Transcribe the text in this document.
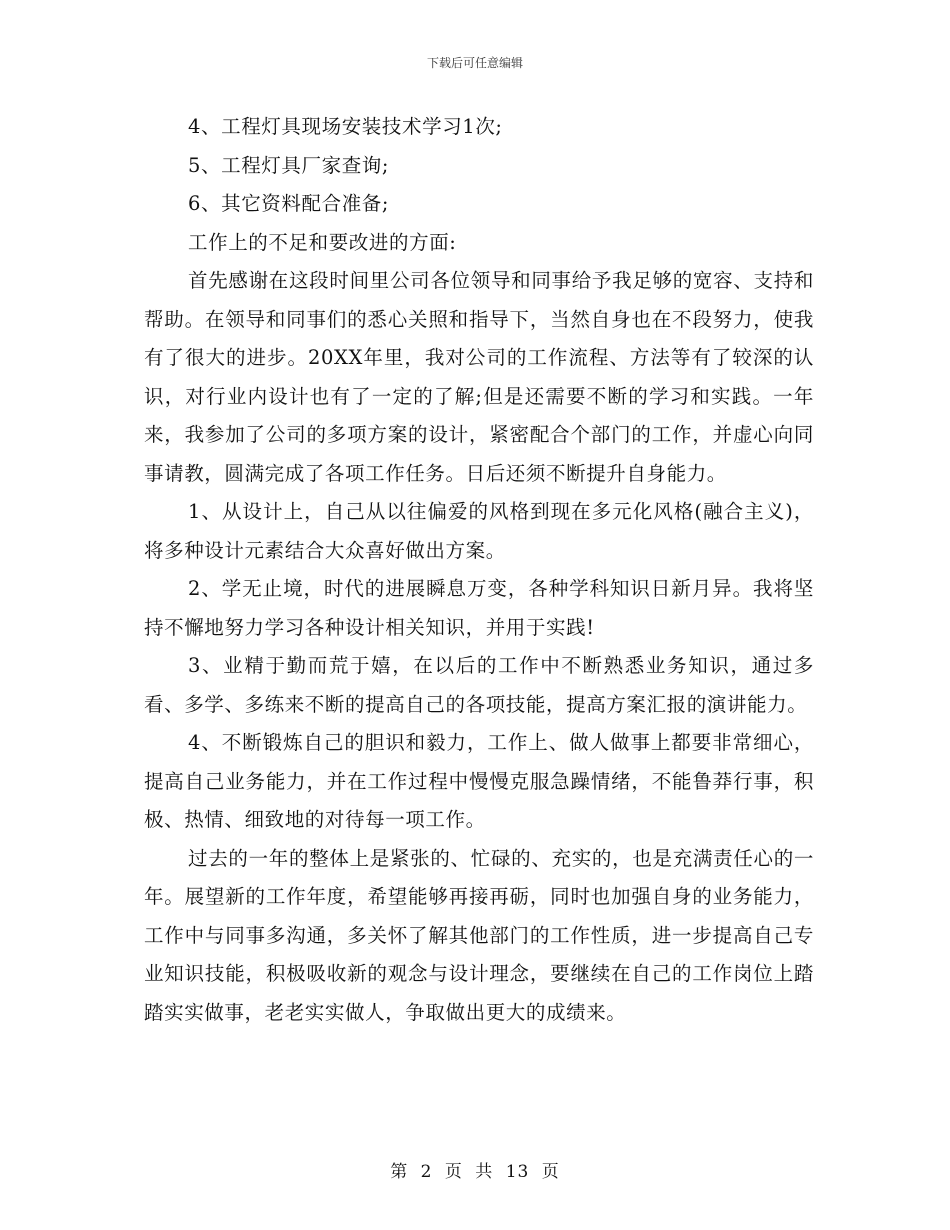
下载后可任意编辑

4、工程灯具现场安装技术学习1次;

5、工程灯具厂家查询;

6、其它资料配合准备;

工作上的不足和要改进的方面:

首先感谢在这段时间里公司各位领导和同事给予我足够的宽容、支持和帮助。在领导和同事们的悉心关照和指导下，当然自身也在不段努力，使我有了很大的进步。20XX年里，我对公司的工作流程、方法等有了较深的认识，对行业内设计也有了一定的了解;但是还需要不断的学习和实践。一年来，我参加了公司的多项方案的设计，紧密配合个部门的工作，并虚心向同事请教，圆满完成了各项工作任务。日后还须不断提升自身能力。

1、从设计上，自己从以往偏爱的风格到现在多元化风格(融合主义)，将多种设计元素结合大众喜好做出方案。

2、学无止境，时代的进展瞬息万变，各种学科知识日新月异。我将坚持不懈地努力学习各种设计相关知识，并用于实践!

3、业精于勤而荒于嬉，在以后的工作中不断熟悉业务知识，通过多看、多学、多练来不断的提高自己的各项技能，提高方案汇报的演讲能力。

4、不断锻炼自己的胆识和毅力，工作上、做人做事上都要非常细心，提高自己业务能力，并在工作过程中慢慢克服急躁情绪，不能鲁莽行事，积极、热情、细致地的对待每一项工作。

过去的一年的整体上是紧张的、忙碌的、充实的，也是充满责任心的一年。展望新的工作年度，希望能够再接再砺，同时也加强自身的业务能力，工作中与同事多沟通，多关怀了解其他部门的工作性质，进一步提高自己专业知识技能，积极吸收新的观念与设计理念，要继续在自己的工作岗位上踏踏实实做事，老老实实做人，争取做出更大的成绩来。

第 2 页 共 13 页
